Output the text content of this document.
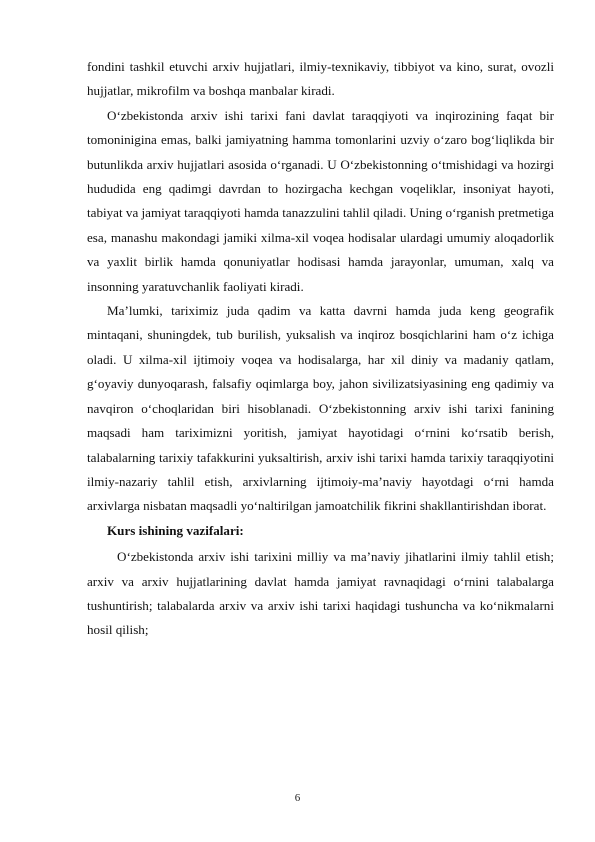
fondini tashkil etuvchi arxiv hujjatlari, ilmiy-texnikaviy, tibbiyot va kino, surat, ovozli hujjatlar, mikrofilm va boshqa manbalar kiradi.

O‘zbekistonda arxiv ishi tarixi fani davlat taraqqiyoti va inqirozining faqat bir tomoninigina emas, balki jamiyatning hamma tomonlarini uzviy o‘zaro bog‘liqlikda bir butunlikda arxiv hujjatlari asosida o‘rganadi. U O‘zbekistonning o‘tmishidagi va hozirgi hududida eng qadimgi davrdan to hozirgacha kechgan voqeliklar, insoniyat hayoti, tabiyat va jamiyat taraqqiyoti hamda tanazzulini tahlil qiladi. Uning o‘rganish pretmetiga esa, manashu makondagi jamiki xilma-xil voqea hodisalar ulardagi umumiy aloqadorlik va yaxlit birlik hamda qonuniyatlar hodisasi hamda jarayonlar, umuman, xalq va insonning yaratuvchanlik faoliyati kiradi.

Ma’lumki, tariximiz juda qadim va katta davrni hamda juda keng geografik mintaqani, shuningdek, tub burilish, yuksalish va inqiroz bosqichlarini ham o‘z ichiga oladi. U xilma-xil ijtimoiy voqea va hodisalarga, har xil diniy va madaniy qatlam, g‘oyaviy dunyoqarash, falsafiy oqimlarga boy, jahon sivilizatsiyasining eng qadimiy va navqiron o‘choqlaridan biri hisoblanadi. O‘zbekistonning arxiv ishi tarixi fanining maqsadi ham tariximizni yoritish, jamiyat hayotidagi o‘rnini ko‘rsatib berish, talabalarning tarixiy tafakkurini yuksaltirish, arxiv ishi tarixi hamda tarixiy taraqqiyotini ilmiy-nazariy tahlil etish, arxivlarning ijtimoiy-ma’naviy hayotdagi o‘rni hamda arxivlarga nisbatan maqsadli yo‘naltirilgan jamoatchilik fikrini shakllantirishdan iborat.

Kurs ishining vazifalari:

O‘zbekistonda arxiv ishi tarixini milliy va ma’naviy jihatlarini ilmiy tahlil etish; arxiv va arxiv hujjatlarining davlat hamda jamiyat ravnaqidagi o‘rnini talabalarga tushuntirish; talabalarda arxiv va arxiv ishi tarixi haqidagi tushuncha va ko‘nikmalarni hosil qilish;

6
